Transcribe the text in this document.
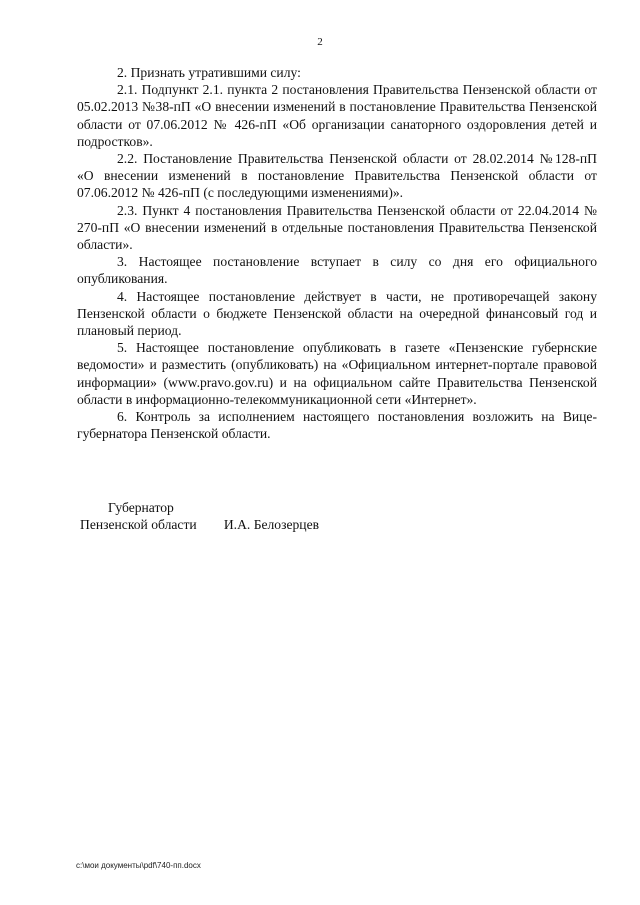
2

2. Признать утратившими силу:

2.1. Подпункт 2.1. пункта 2 постановления Правительства Пензенской области от 05.02.2013 №38-пП «О внесении изменений в постановление Правительства Пензенской области от 07.06.2012 № 426-пП «Об организации санаторного оздоровления детей и подростков».

2.2. Постановление Правительства Пензенской области от 28.02.2014 №128-пП «О внесении изменений в постановление Правительства Пензенской области от 07.06.2012 № 426-пП (с последующими изменениями)».

2.3. Пункт 4 постановления Правительства Пензенской области от 22.04.2014 № 270-пП «О внесении изменений в отдельные постановления Правительства Пензенской области».

3. Настоящее постановление вступает в силу со дня его официального опубликования.

4. Настоящее постановление действует в части, не противоречащей закону Пензенской области о бюджете Пензенской области на очередной финансовый год и плановый период.

5. Настоящее постановление опубликовать в газете «Пензенские губернские ведомости» и разместить (опубликовать) на «Официальном интернет-портале правовой информации» (www.pravo.gov.ru) и на официальном сайте Правительства Пензенской области в информационно-телекоммуникационной сети «Интернет».

6. Контроль за исполнением настоящего постановления возложить на Вице-губернатора Пензенской области.

Губернатор

Пензенской области И.А. Белозерцев

c:\мои документы\pdf\740-пп.docx
